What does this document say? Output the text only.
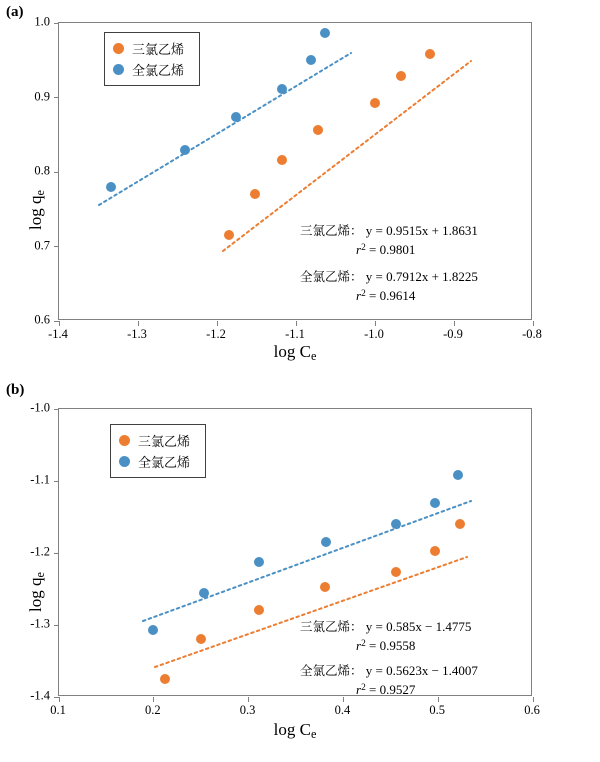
(a)
$\log q_e$
三氯乙烯
全氯乙烯
三氯乙烯： y = 0.9515x + 1.8631
$r^2 = 0.9801$
全氯乙烯： y = 0.7912x + 1.8225
$r^2 = 0.9614$
$\log C_e$
-1.4	-1.3	-1.2	-1.1	-1.0	-0.9	-0.8
0.6
0.7
0.8
0.9
1.0
(b)
$\log q_e$
三氯乙烯
全氯乙烯
三氯乙烯： y = 0.585x − 1.4775
$r^2 = 0.9558$
全氯乙烯： y = 0.5623x − 1.4007
$r^2 = 0.9527$
$\log C_e$
0.1	0.2	0.3	0.4	0.5	0.6
-1.0
-1.1
-1.2
-1.3
-1.4
